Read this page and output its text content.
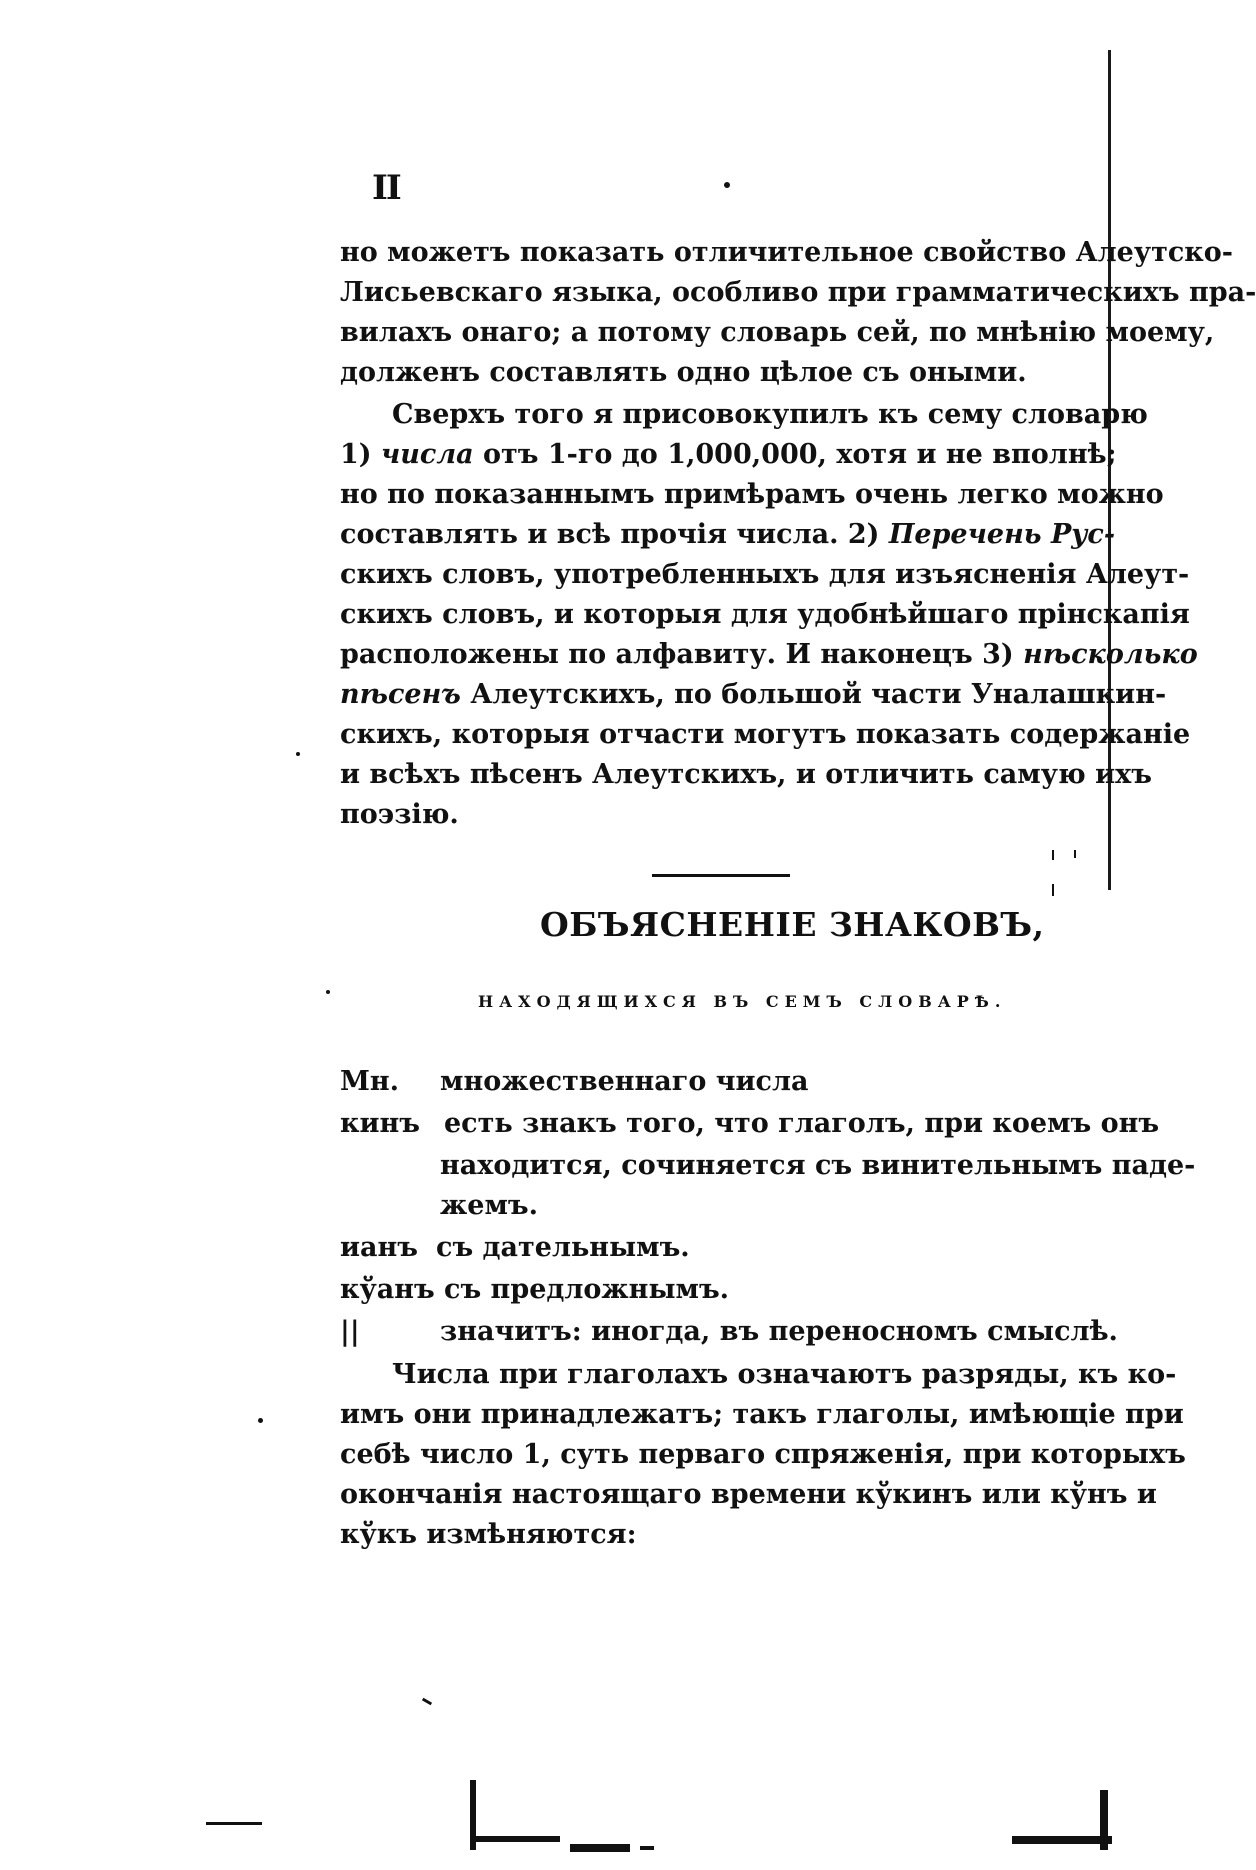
II
но можетъ показать отличительное свойство Алеутско-
Лисьевскаго языка, особливо при грамматическихъ пра-
вилахъ онаго; а потому словарь сей, по мнѣнію моему,
долженъ составлять одно цѣлое съ оными.
Сверхъ того я присовокупилъ къ сему словарю
1) числа отъ 1-го до 1,000,000, хотя и не вполнѣ;
но по показаннымъ примѣрамъ очень легко можно
составлять и всѣ прочія числа. 2) Перечень Рус-
скихъ словъ, употребленныхъ для изъясненія Алеут-
скихъ словъ, и которыя для удобнѣйшаго прінскапія
расположены по алфавиту. И наконецъ 3) нѣсколько
пѣсенъ Алеутскихъ, по большой части Уналашкин-
скихъ, которыя отчасти могутъ показать содержаніе
и всѣхъ пѣсенъ Алеутскихъ, и отличить самую ихъ
поэзію.
ОБЪЯСНЕНІЕ ЗНАКОВЪ,
НАХОДЯЩИХСЯ ВЪ СЕМЪ СЛОВАРѢ.
Мн. множественнаго числа
кинъ есть знакъ того, что глаголъ, при коемъ онъ
находится, сочиняется съ винительнымъ паде-
жемъ.
ианъ съ дательнымъ.
кўанъ съ предложнымъ.
||	значитъ: иногда, въ переносномъ смыслѣ.
Числа при глаголахъ означаютъ разряды, къ ко-
имъ они принадлежатъ; такъ глаголы, имѣющіе при
себѣ число 1, суть перваго спряженія, при которыхъ
окончанія настоящаго времени кўкинъ или кўнъ и
кўкъ измѣняются:
